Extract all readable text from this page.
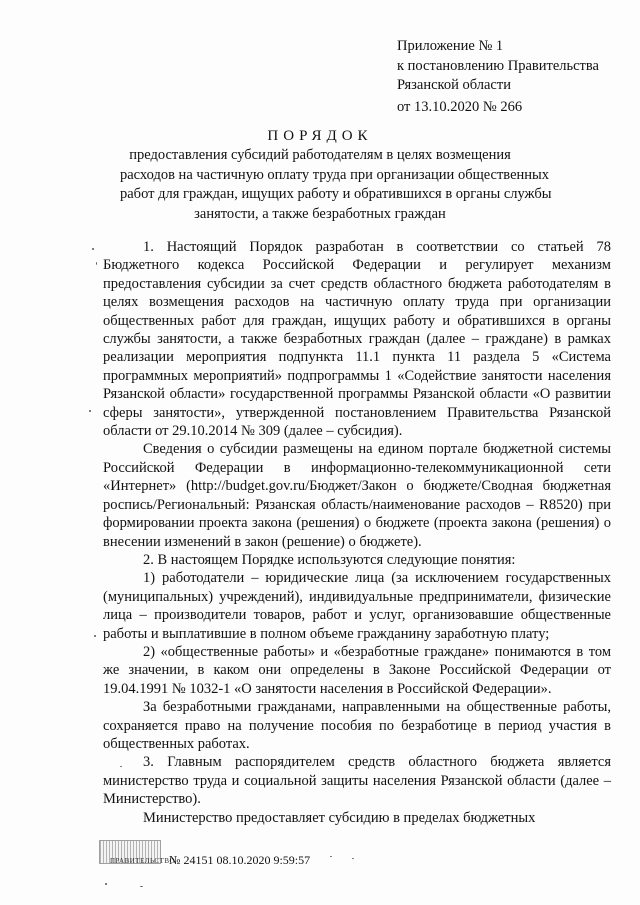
Приложение № 1
к постановлению Правительства
Рязанской области
от 13.10.2020 № 266
ПОРЯДОК
предоставления субсидий работодателям в целях возмещения
расходов на частичную оплату труда при организации общественных
работ для граждан, ищущих работу и обратившихся в органы службы
занятости, а также безработных граждан

1. Настоящий Порядок разработан в соответствии со статьей 78 Бюджетного кодекса Российской Федерации и регулирует механизм предоставления субсидии за счет средств областного бюджета работодателям в целях возмещения расходов на частичную оплату труда при организации общественных работ для граждан, ищущих работу и обратившихся в органы службы занятости, а также безработных граждан (далее – граждане) в рамках реализации мероприятия подпункта 11.1 пункта 11 раздела 5 «Система программных мероприятий» подпрограммы 1 «Содействие занятости населения Рязанской области» государственной программы Рязанской области «О развитии сферы занятости», утвержденной постановлением Правительства Рязанской области от 29.10.2014 № 309 (далее – субсидия).

Сведения о субсидии размещены на едином портале бюджетной системы Российской Федерации в информационно-телекоммуникационной сети «Интернет» (http://budget.gov.ru/Бюджет/Закон о бюджете/Сводная бюджетная роспись/Региональный: Рязанская область/наименование расходов – R8520) при формировании проекта закона (решения) о бюджете (проекта закона (решения) о внесении изменений в закон (решение) о бюджете).

2. В настоящем Порядке используются следующие понятия:

1) работодатели – юридические лица (за исключением государственных (муниципальных) учреждений), индивидуальные предприниматели, физические лица – производители товаров, работ и услуг, организовавшие общественные работы и выплатившие в полном объеме гражданину заработную плату;

2) «общественные работы» и «безработные граждане» понимаются в том же значении, в каком они определены в Законе Российской Федерации от 19.04.1991 № 1032-1 «О занятости населения в Российской Федерации».

За безработными гражданами, направленными на общественные работы, сохраняется право на получение пособия по безработице в период участия в общественных работах.

3. Главным распорядителем средств областного бюджета является министерство труда и социальной защиты населения Рязанской области (далее – Министерство).

Министерство предоставляет субсидию в пределах бюджетных

ПРАВИТЕЛЬСТВО
№ 24151 08.10.2020 9:59:57
